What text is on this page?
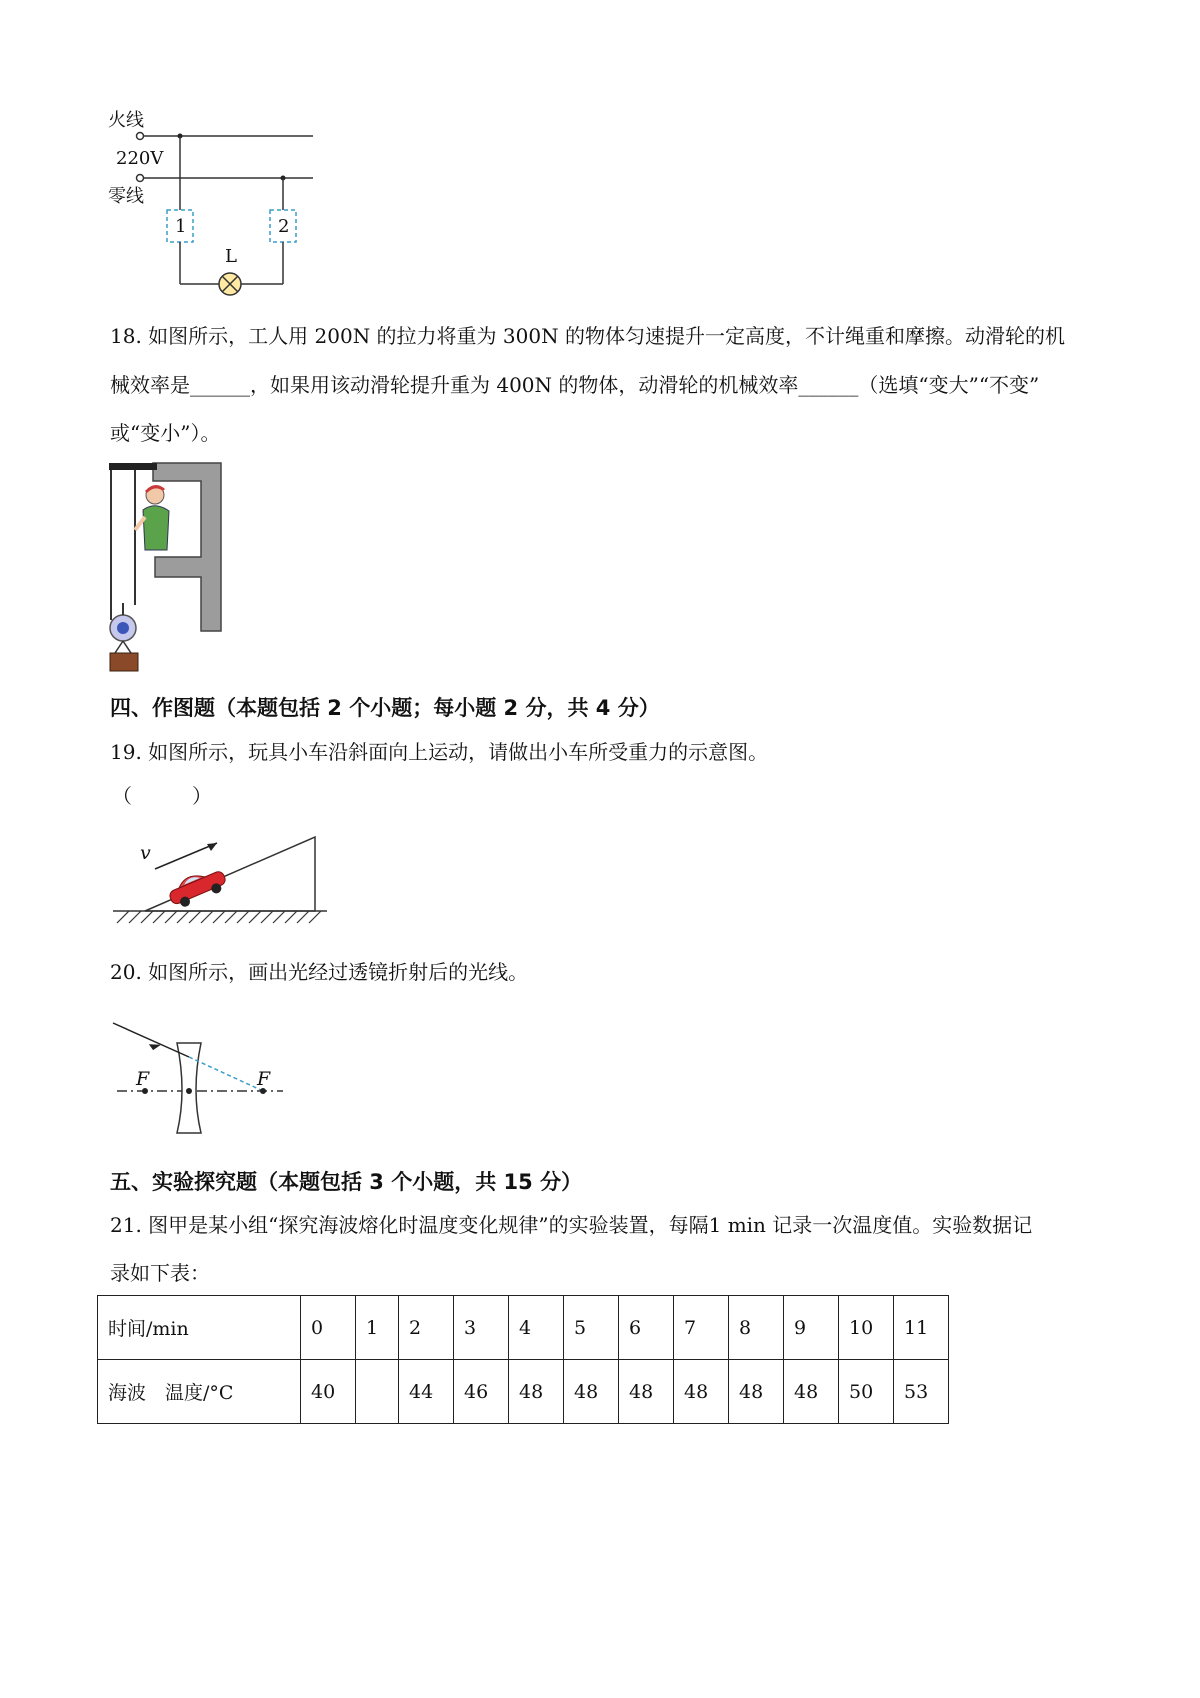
火线
220V
零线
1	2
L
18. 如图所示，工人用 200N 的拉力将重为 300N 的物体匀速提升一定高度，不计绳重和摩擦。动滑轮的机
械效率是______，如果用该动滑轮提升重为 400N 的物体，动滑轮的机械效率______（选填“变大”“不变”
或“变小”）。
四、作图题（本题包括 2 个小题；每小题 2 分，共 4 分）
19. 如图所示，玩具小车沿斜面向上运动，请做出小车所受重力的示意图。
（　　　）
v
20. 如图所示，画出光经过透镜折射后的光线。
F	F
五、实验探究题（本题包括 3 个小题，共 15 分）
21. 图甲是某小组“探究海波熔化时温度变化规律”的实验装置，每隔1 min 记录一次温度值。实验数据记
录如下表：
时间/min	0	1	2	3	4	5	6	7	8	9	10	11
海波　温度/°C	40		44	46	48	48	48	48	48	48	50	53
